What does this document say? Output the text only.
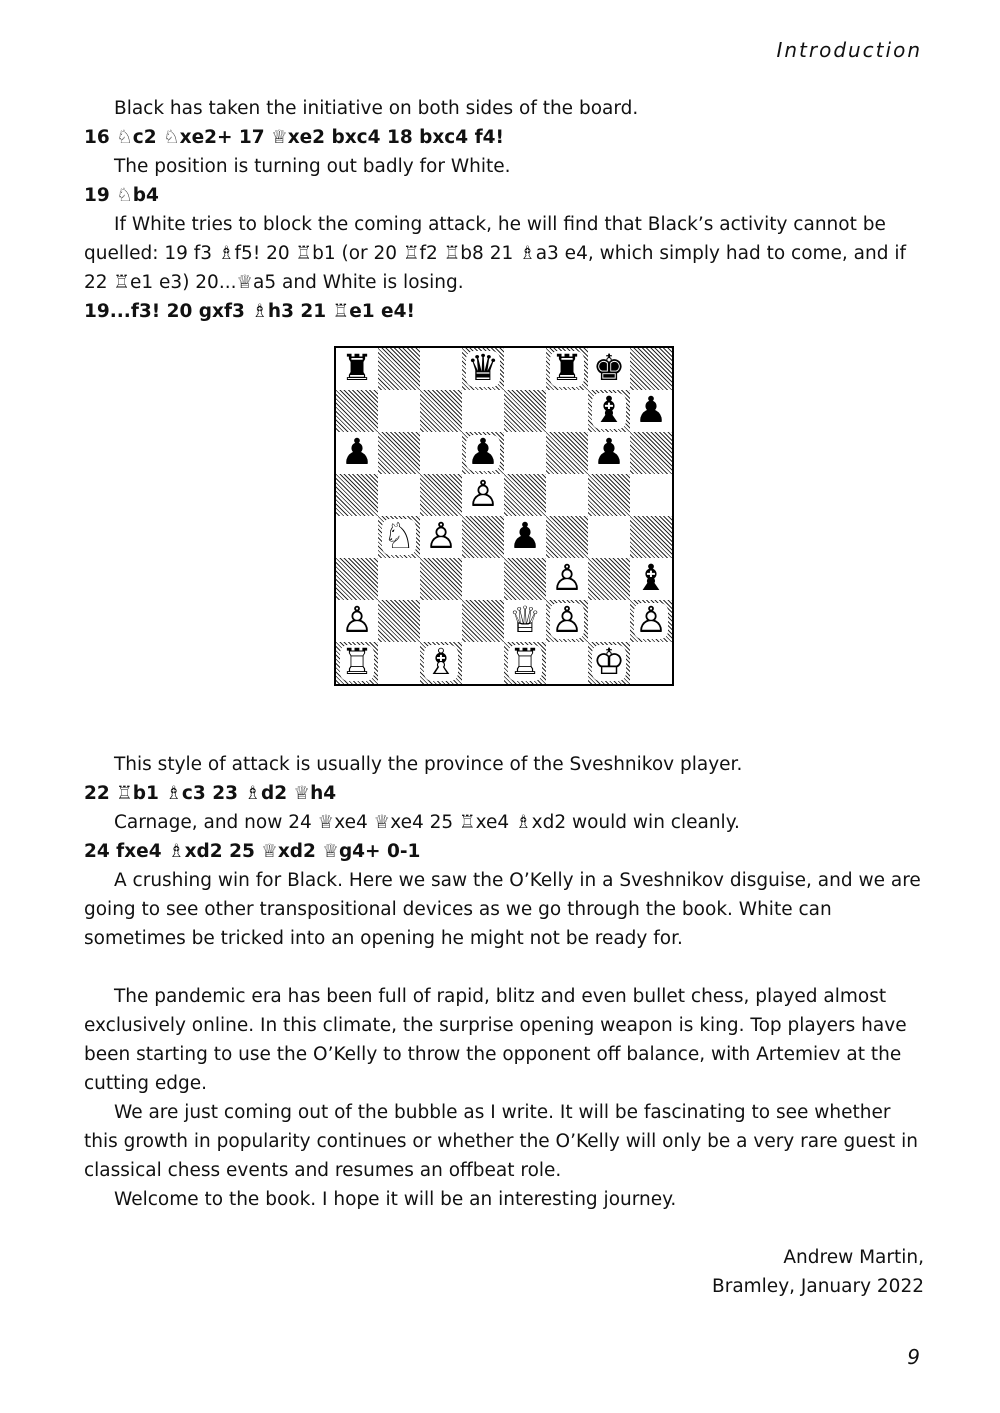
Introduction

Black has taken the initiative on both sides of the board.

16 ♘c2 ♘xe2+ 17 ♕xe2 bxc4 18 bxc4 f4!

The position is turning out badly for White.

19 ♘b4

If White tries to block the coming attack, he will find that Black’s activity cannot be quelled: 19 f3 ♗f5! 20 ♖b1 (or 20 ♖f2 ♖b8 21 ♗a3 e4, which simply had to come, and if 22 ♖e1 e3) 20...♕a5 and White is losing.

19...f3! 20 gxf3 ♗h3 21 ♖e1 e4!

♜	♛ ♜ ♚
♝ ♟
♟	♟	♟
♙
♘ ♙ ♟
♙ ♝
♙	♕ ♙ ♙
♖ ♗ ♖ ♔

This style of attack is usually the province of the Sveshnikov player.

22 ♖b1 ♗c3 23 ♗d2 ♕h4

Carnage, and now 24 ♕xe4 ♕xe4 25 ♖xe4 ♗xd2 would win cleanly.

24 fxe4 ♗xd2 25 ♕xd2 ♕g4+ 0-1

A crushing win for Black. Here we saw the O’Kelly in a Sveshnikov disguise, and we are going to see other transpositional devices as we go through the book. White can sometimes be tricked into an opening he might not be ready for.

The pandemic era has been full of rapid, blitz and even bullet chess, played almost exclusively online. In this climate, the surprise opening weapon is king. Top players have been starting to use the O’Kelly to throw the opponent off balance, with Artemiev at the cutting edge.

We are just coming out of the bubble as I write. It will be fascinating to see whether this growth in popularity continues or whether the O’Kelly will only be a very rare guest in classical chess events and resumes an offbeat role.

Welcome to the book. I hope it will be an interesting journey.

Andrew Martin,
Bramley, January 2022
9
